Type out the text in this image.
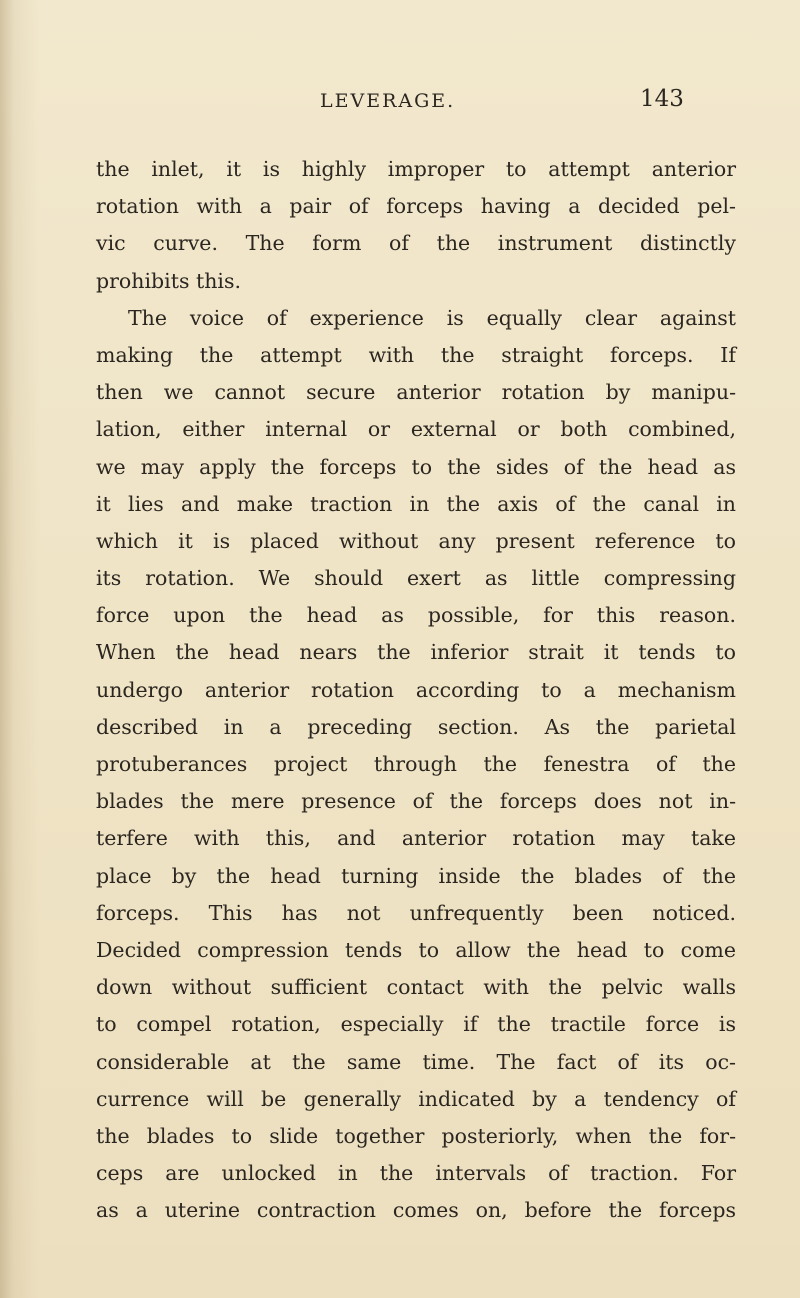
LEVERAGE.	143
the inlet, it is highly improper to attempt anterior
rotation with a pair of forceps having a decided pel-
vic curve. The form of the instrument distinctly
prohibits this.
The voice of experience is equally clear against
making the attempt with the straight forceps. If
then we cannot secure anterior rotation by manipu-
lation, either internal or external or both combined,
we may apply the forceps to the sides of the head as
it lies and make traction in the axis of the canal in
which it is placed without any present reference to
its rotation. We should exert as little compressing
force upon the head as possible, for this reason.
When the head nears the inferior strait it tends to
undergo anterior rotation according to a mechanism
described in a preceding section. As the parietal
protuberances project through the fenestra of the
blades the mere presence of the forceps does not in-
terfere with this, and anterior rotation may take
place by the head turning inside the blades of the
forceps. This has not unfrequently been noticed.
Decided compression tends to allow the head to come
down without sufficient contact with the pelvic walls
to compel rotation, especially if the tractile force is
considerable at the same time. The fact of its oc-
currence will be generally indicated by a tendency of
the blades to slide together posteriorly, when the for-
ceps are unlocked in the intervals of traction. For
as a uterine contraction comes on, before the forceps
